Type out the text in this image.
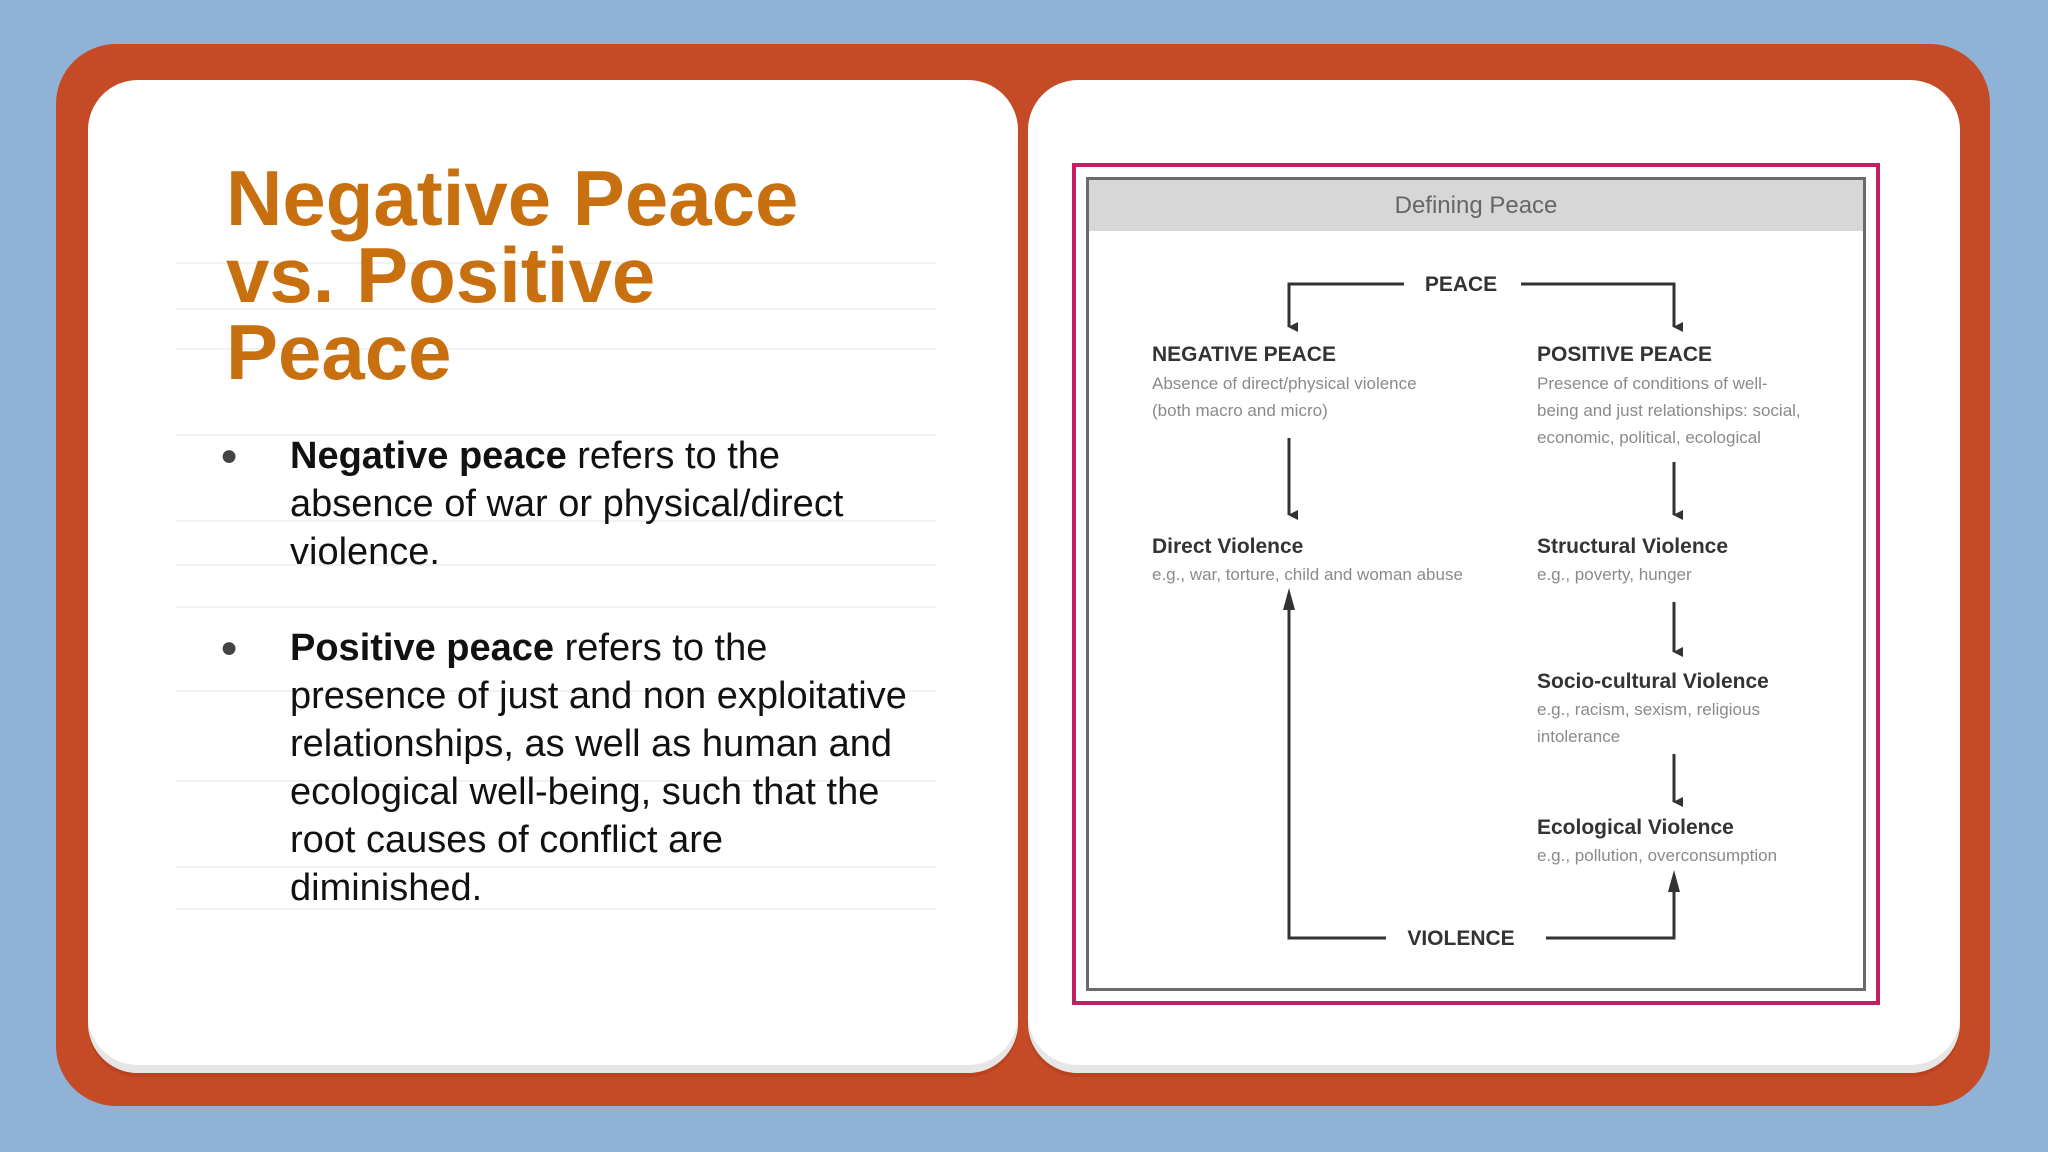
Negative Peace
vs. Positive
Peace
● Negative peace refers to the
absence of war or physical/direct
violence.
● Positive peace refers to the
presence of just and non exploitative
relationships, as well as human and
ecological well-being, such that the
root causes of conflict are
diminished.
Defining Peace
PEACE
NEGATIVE PEACE
Absence of direct/physical violence
(both macro and micro)
POSITIVE PEACE
Presence of conditions of well-
being and just relationships: social,
economic, political, ecological
Direct Violence
e.g., war, torture, child and woman abuse
Structural Violence
e.g., poverty, hunger
Socio-cultural Violence
e.g., racism, sexism, religious
intolerance
Ecological Violence
e.g., pollution, overconsumption
VIOLENCE
